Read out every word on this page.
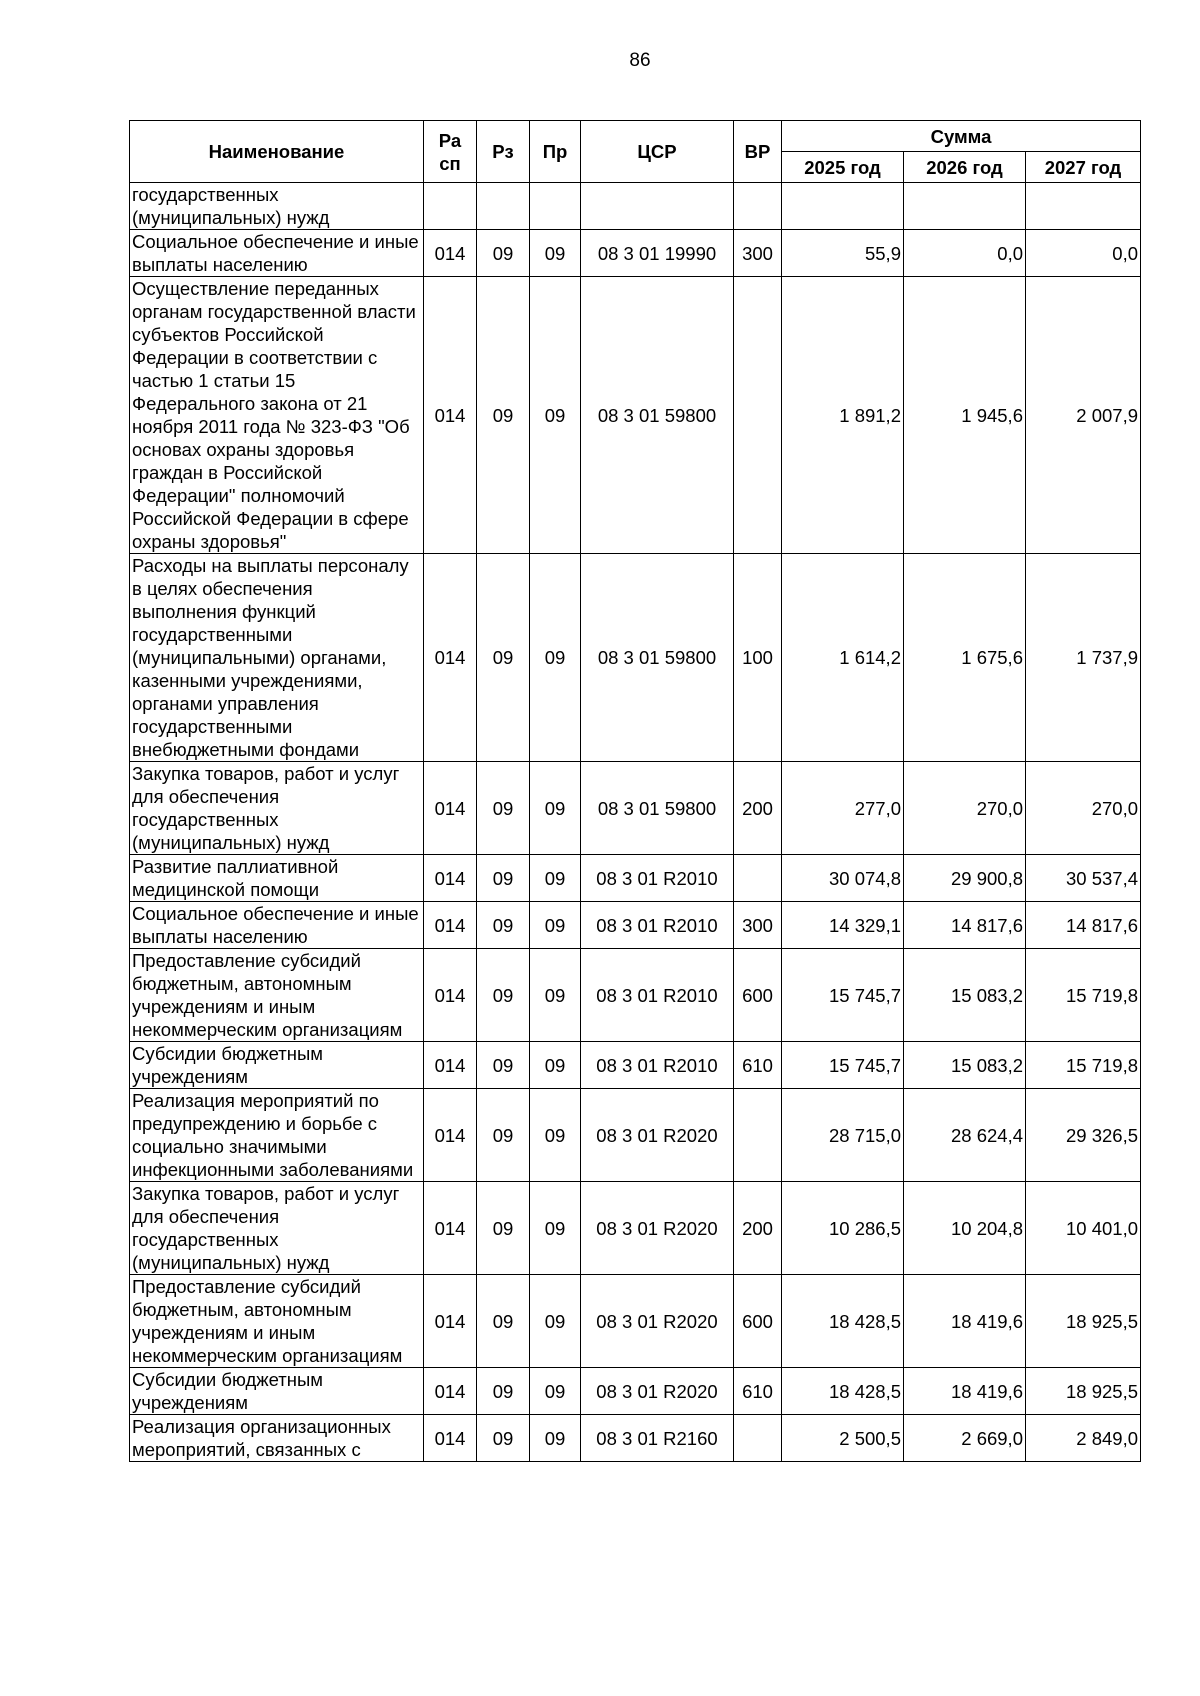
86
Наименование	Ра сп	Рз	Пр	ЦСР	ВР	Сумма		
						2025 год	2026 год	2027 год
государственных (муниципальных) нужд								
Социальное обеспечение и иные выплаты населению	014	09	09	08 3 01 19990	300	55,9	0,0	0,0
Осуществление переданных органам государственной власти субъектов Российской Федерации в соответствии с частью 1 статьи 15 Федерального закона от 21 ноября 2011 года № 323-ФЗ "Об основах охраны здоровья граждан в Российской Федерации" полномочий Российской Федерации в сфере охраны здоровья"	014	09	09	08 3 01 59800		1 891,2	1 945,6	2 007,9
Расходы на выплаты персоналу в целях обеспечения выполнения функций государственными (муниципальными) органами, казенными учреждениями, органами управления государственными внебюджетными фондами	014	09	09	08 3 01 59800	100	1 614,2	1 675,6	1 737,9
Закупка товаров, работ и услуг для обеспечения государственных (муниципальных) нужд	014	09	09	08 3 01 59800	200	277,0	270,0	270,0
Развитие паллиативной медицинской помощи	014	09	09	08 3 01 R2010		30 074,8	29 900,8	30 537,4
Социальное обеспечение и иные выплаты населению	014	09	09	08 3 01 R2010	300	14 329,1	14 817,6	14 817,6
Предоставление субсидий бюджетным, автономным учреждениям и иным некоммерческим организациям	014	09	09	08 3 01 R2010	600	15 745,7	15 083,2	15 719,8
Субсидии бюджетным учреждениям	014	09	09	08 3 01 R2010	610	15 745,7	15 083,2	15 719,8
Реализация мероприятий по предупреждению и борьбе с социально значимыми инфекционными заболеваниями	014	09	09	08 3 01 R2020		28 715,0	28 624,4	29 326,5
Закупка товаров, работ и услуг для обеспечения государственных (муниципальных) нужд	014	09	09	08 3 01 R2020	200	10 286,5	10 204,8	10 401,0
Предоставление субсидий бюджетным, автономным учреждениям и иным некоммерческим организациям	014	09	09	08 3 01 R2020	600	18 428,5	18 419,6	18 925,5
Субсидии бюджетным учреждениям	014	09	09	08 3 01 R2020	610	18 428,5	18 419,6	18 925,5
Реализация организационных мероприятий, связанных с	014	09	09	08 3 01 R2160		2 500,5	2 669,0	2 849,0
